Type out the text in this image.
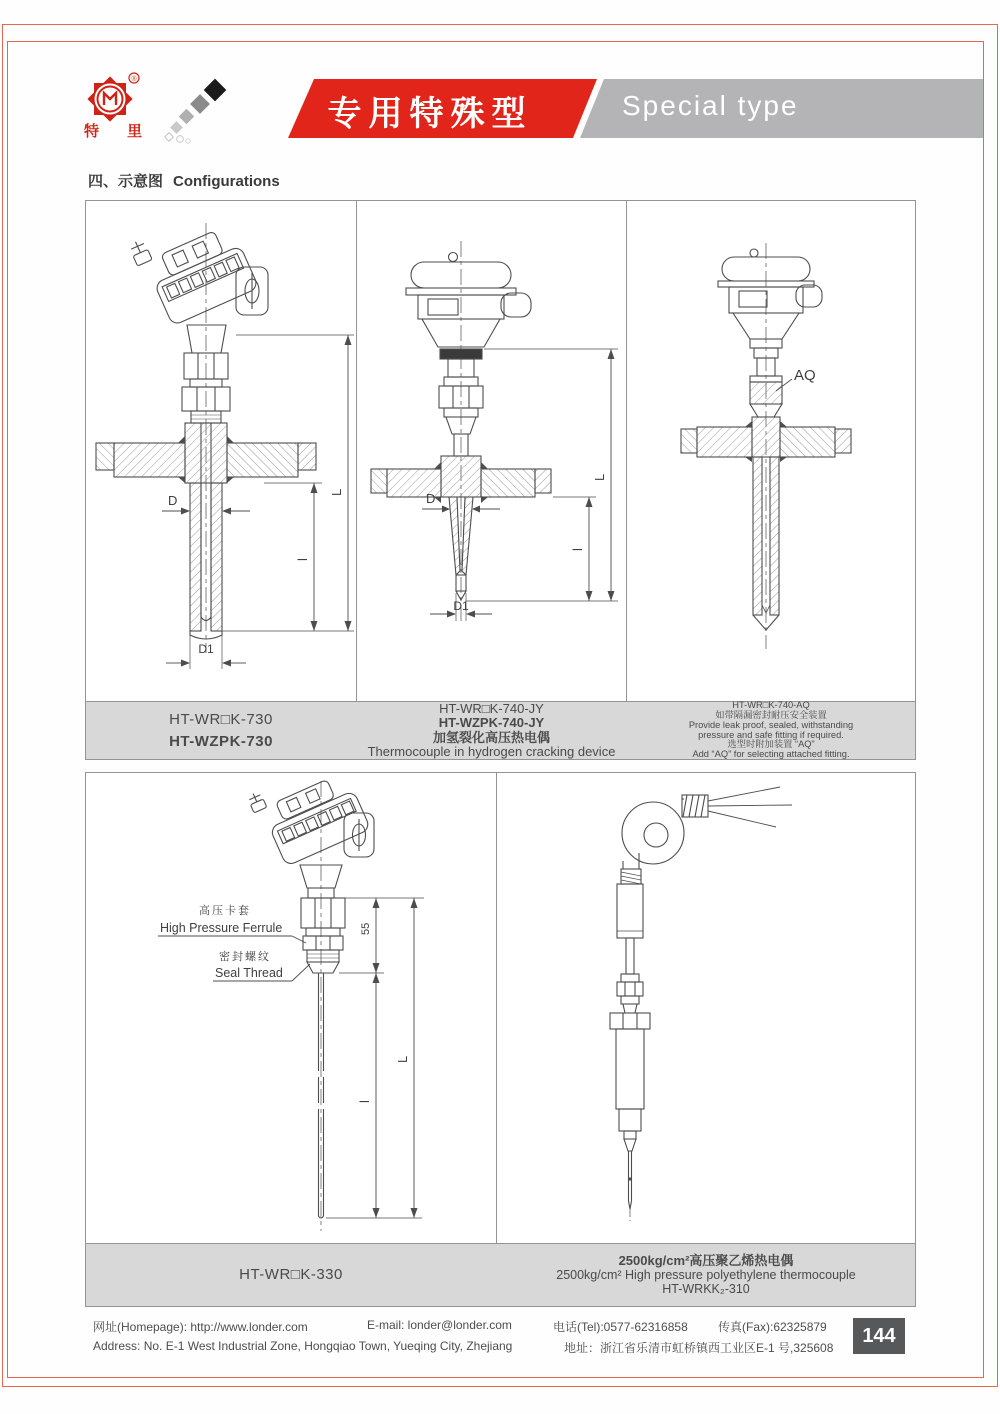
®
特 里	专用特殊型	Special type
四、示意图 Configurations
D
l
L
D1
D
l
L
D1
AQ
HT-WR□K-730
HT-WZPK-730
HT-WR□K-740-JY
HT-WZPK-740-JY
加氢裂化高压热电偶
Thermocouple in hydrogen cracking device
HT-WR□K-740-AQ
如带隔漏密封耐压安全装置
Provide leak proof, sealed, withstanding
pressure and safe fitting if required.
选型时附加装置 “AQ”
Add “AQ” for selecting attached fitting.
高压卡套
High Pressure Ferrule
密封螺纹
Seal Thread
55
l
L
HT-WR□K-330
2500kg/cm²高压聚乙烯热电偶
2500kg/cm² High pressure polyethylene thermocouple
HT-WRKK₂-310
网址(Homepage): http://www.londer.com	E-mail: londer@londer.com	电话(Tel):0577-62316858	传真(Fax):62325879
Address: No. E-1 West Industrial Zone, Hongqiao Town, Yueqing City, Zhejiang	地址：浙江省乐清市虹桥镇西工业区E-1 号,325608
144
